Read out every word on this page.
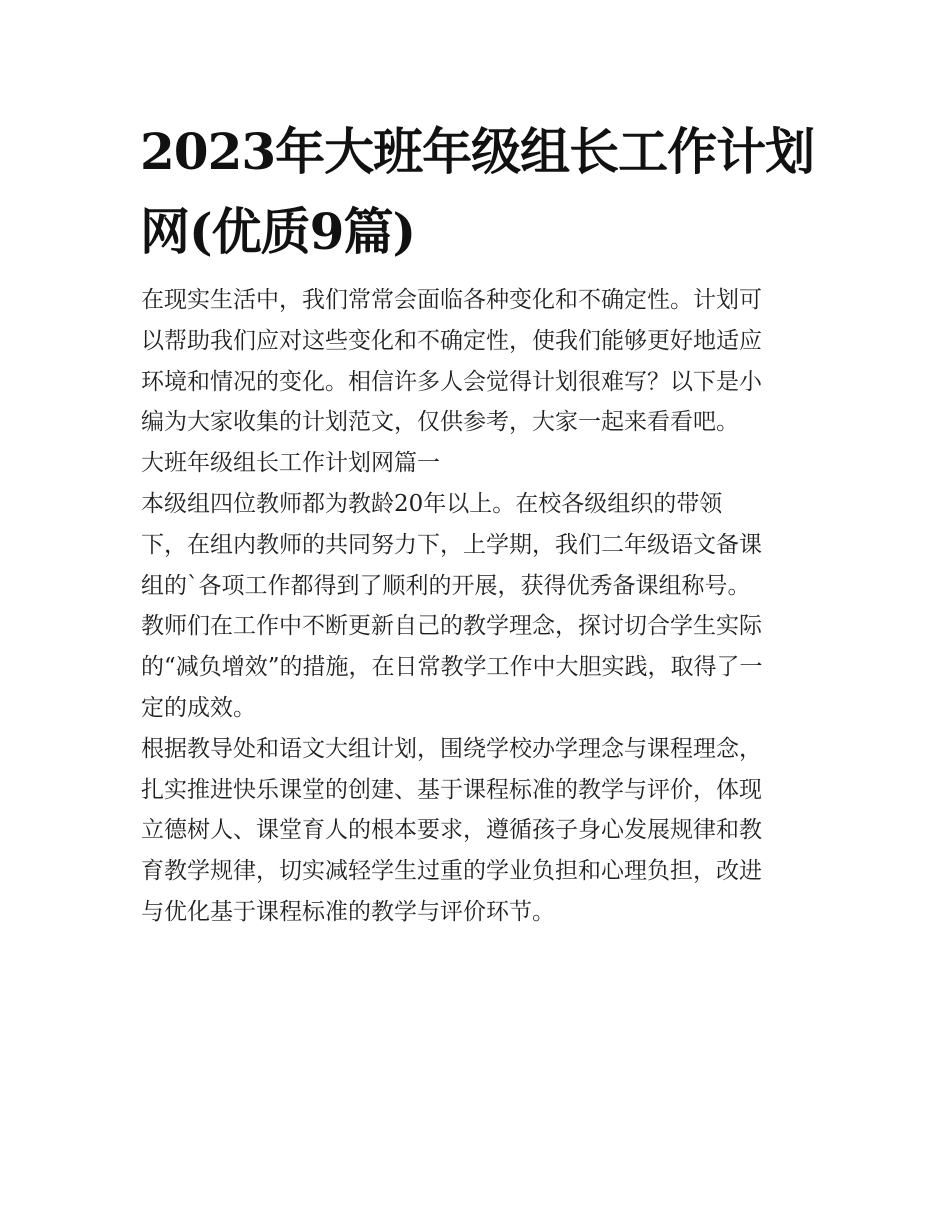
2023年大班年级组长工作计划
网(优质9篇)
在现实生活中，我们常常会面临各种变化和不确定性。计划可
以帮助我们应对这些变化和不确定性，使我们能够更好地适应
环境和情况的变化。相信许多人会觉得计划很难写？以下是小
编为大家收集的计划范文，仅供参考，大家一起来看看吧。
大班年级组长工作计划网篇一
本级组四位教师都为教龄20年以上。在校各级组织的带领
下，在组内教师的共同努力下，上学期，我们二年级语文备课
组的`各项工作都得到了顺利的开展，获得优秀备课组称号。
教师们在工作中不断更新自己的教学理念，探讨切合学生实际
的“减负增效”的措施，在日常教学工作中大胆实践，取得了一
定的成效。
根据教导处和语文大组计划，围绕学校办学理念与课程理念，
扎实推进快乐课堂的创建、基于课程标准的教学与评价，体现
立德树人、课堂育人的根本要求，遵循孩子身心发展规律和教
育教学规律，切实减轻学生过重的学业负担和心理负担，改进
与优化基于课程标准的教学与评价环节。
